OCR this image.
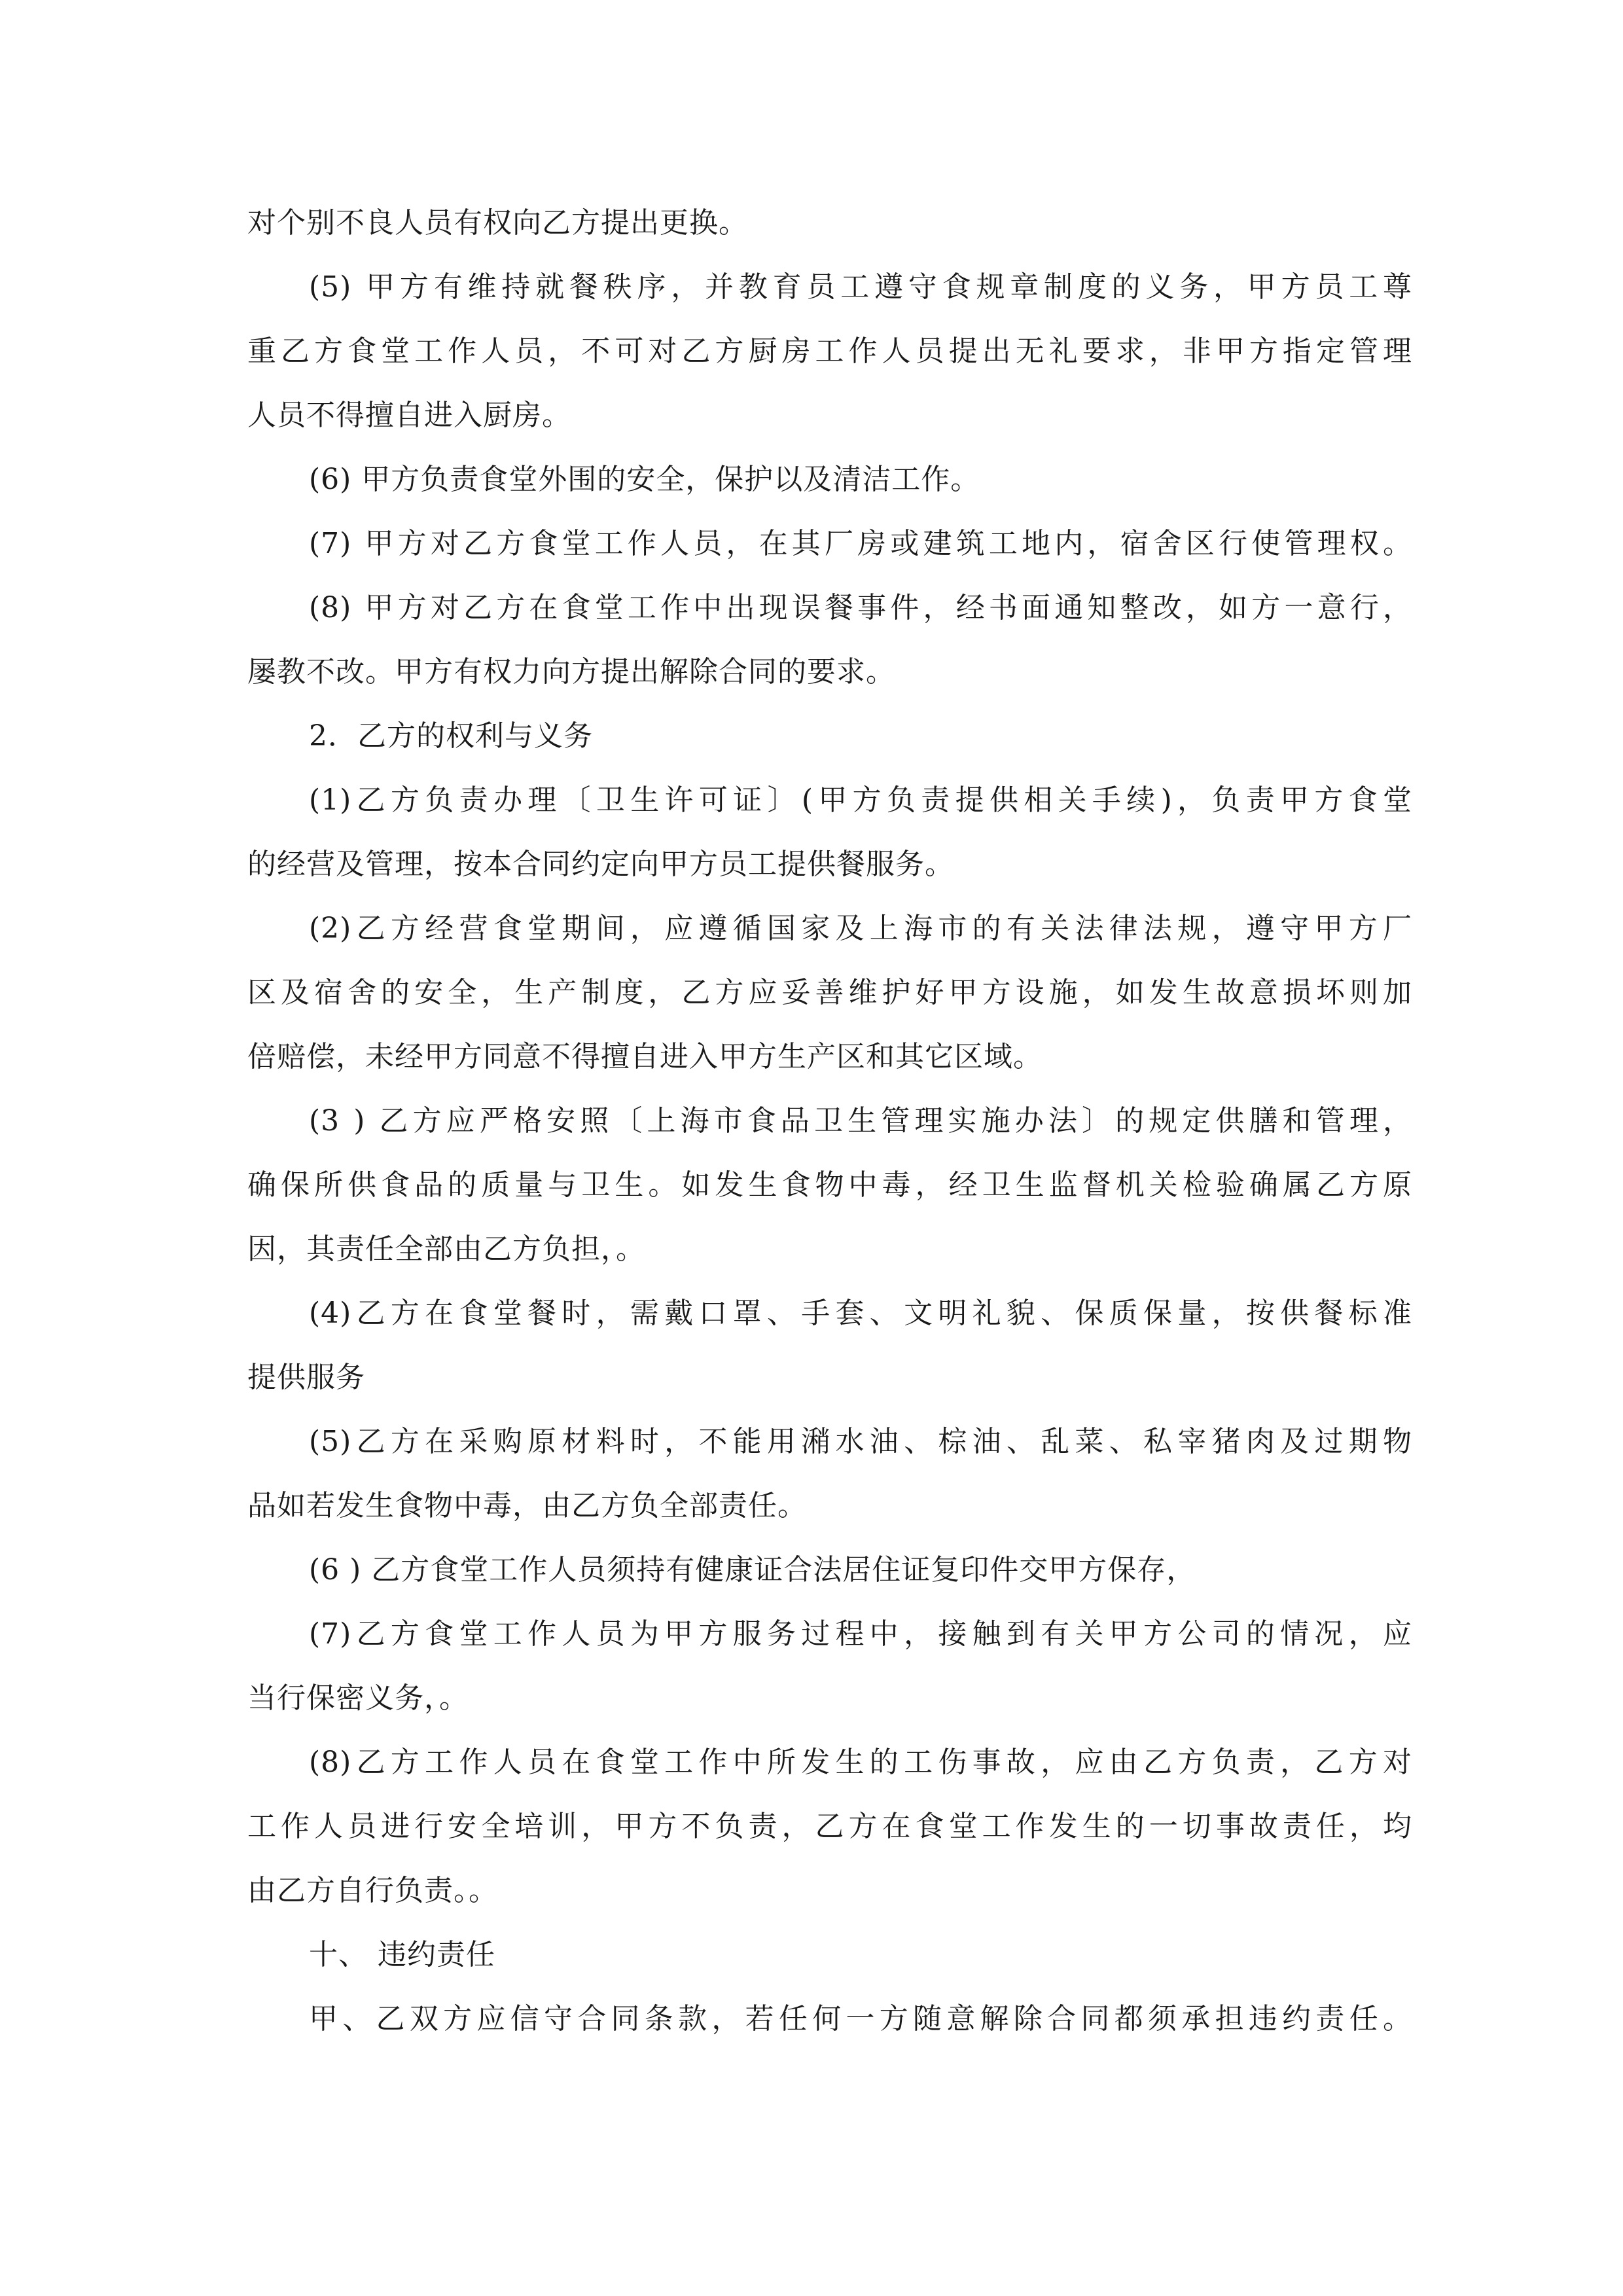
对个别不良人员有权向乙方提出更换。
(5) 甲方有维持就餐秩序，并教育员工遵守食规章制度的义务，甲方员工尊
重乙方食堂工作人员，不可对乙方厨房工作人员提出无礼要求，非甲方指定管理
人员不得擅自进入厨房。
(6) 甲方负责食堂外围的安全，保护以及清洁工作。
(7) 甲方对乙方食堂工作人员，在其厂房或建筑工地内，宿舍区行使管理权。
(8) 甲方对乙方在食堂工作中出现误餐事件，经书面通知整改，如方一意行，
屡教不改。甲方有权力向方提出解除合同的要求。
2．乙方的权利与义务
(1)乙方负责办理〔卫生许可证〕(甲方负责提供相关手续)，负责甲方食堂
的经营及管理，按本合同约定向甲方员工提供餐服务。
(2)乙方经营食堂期间，应遵循国家及上海市的有关法律法规，遵守甲方厂
区及宿舍的安全，生产制度，乙方应妥善维护好甲方设施，如发生故意损坏则加
倍赔偿，未经甲方同意不得擅自进入甲方生产区和其它区域。
(3 ) 乙方应严格安照〔上海市食品卫生管理实施办法〕的规定供膳和管理，
确保所供食品的质量与卫生。如发生食物中毒，经卫生监督机关检验确属乙方原
因，其责任全部由乙方负担，。
(4)乙方在食堂餐时，需戴口罩、手套、文明礼貌、保质保量，按供餐标准
提供服务
(5)乙方在采购原材料时，不能用潲水油、棕油、乱菜、私宰猪肉及过期物
品如若发生食物中毒，由乙方负全部责任。
(6 ) 乙方食堂工作人员须持有健康证合法居住证复印件交甲方保存，
(7)乙方食堂工作人员为甲方服务过程中，接触到有关甲方公司的情况，应
当行保密义务，。
(8)乙方工作人员在食堂工作中所发生的工伤事故，应由乙方负责，乙方对
工作人员进行安全培训，甲方不负责，乙方在食堂工作发生的一切事故责任，均
由乙方自行负责。。
十、 违约责任
甲、乙双方应信守合同条款，若任何一方随意解除合同都须承担违约责任。
